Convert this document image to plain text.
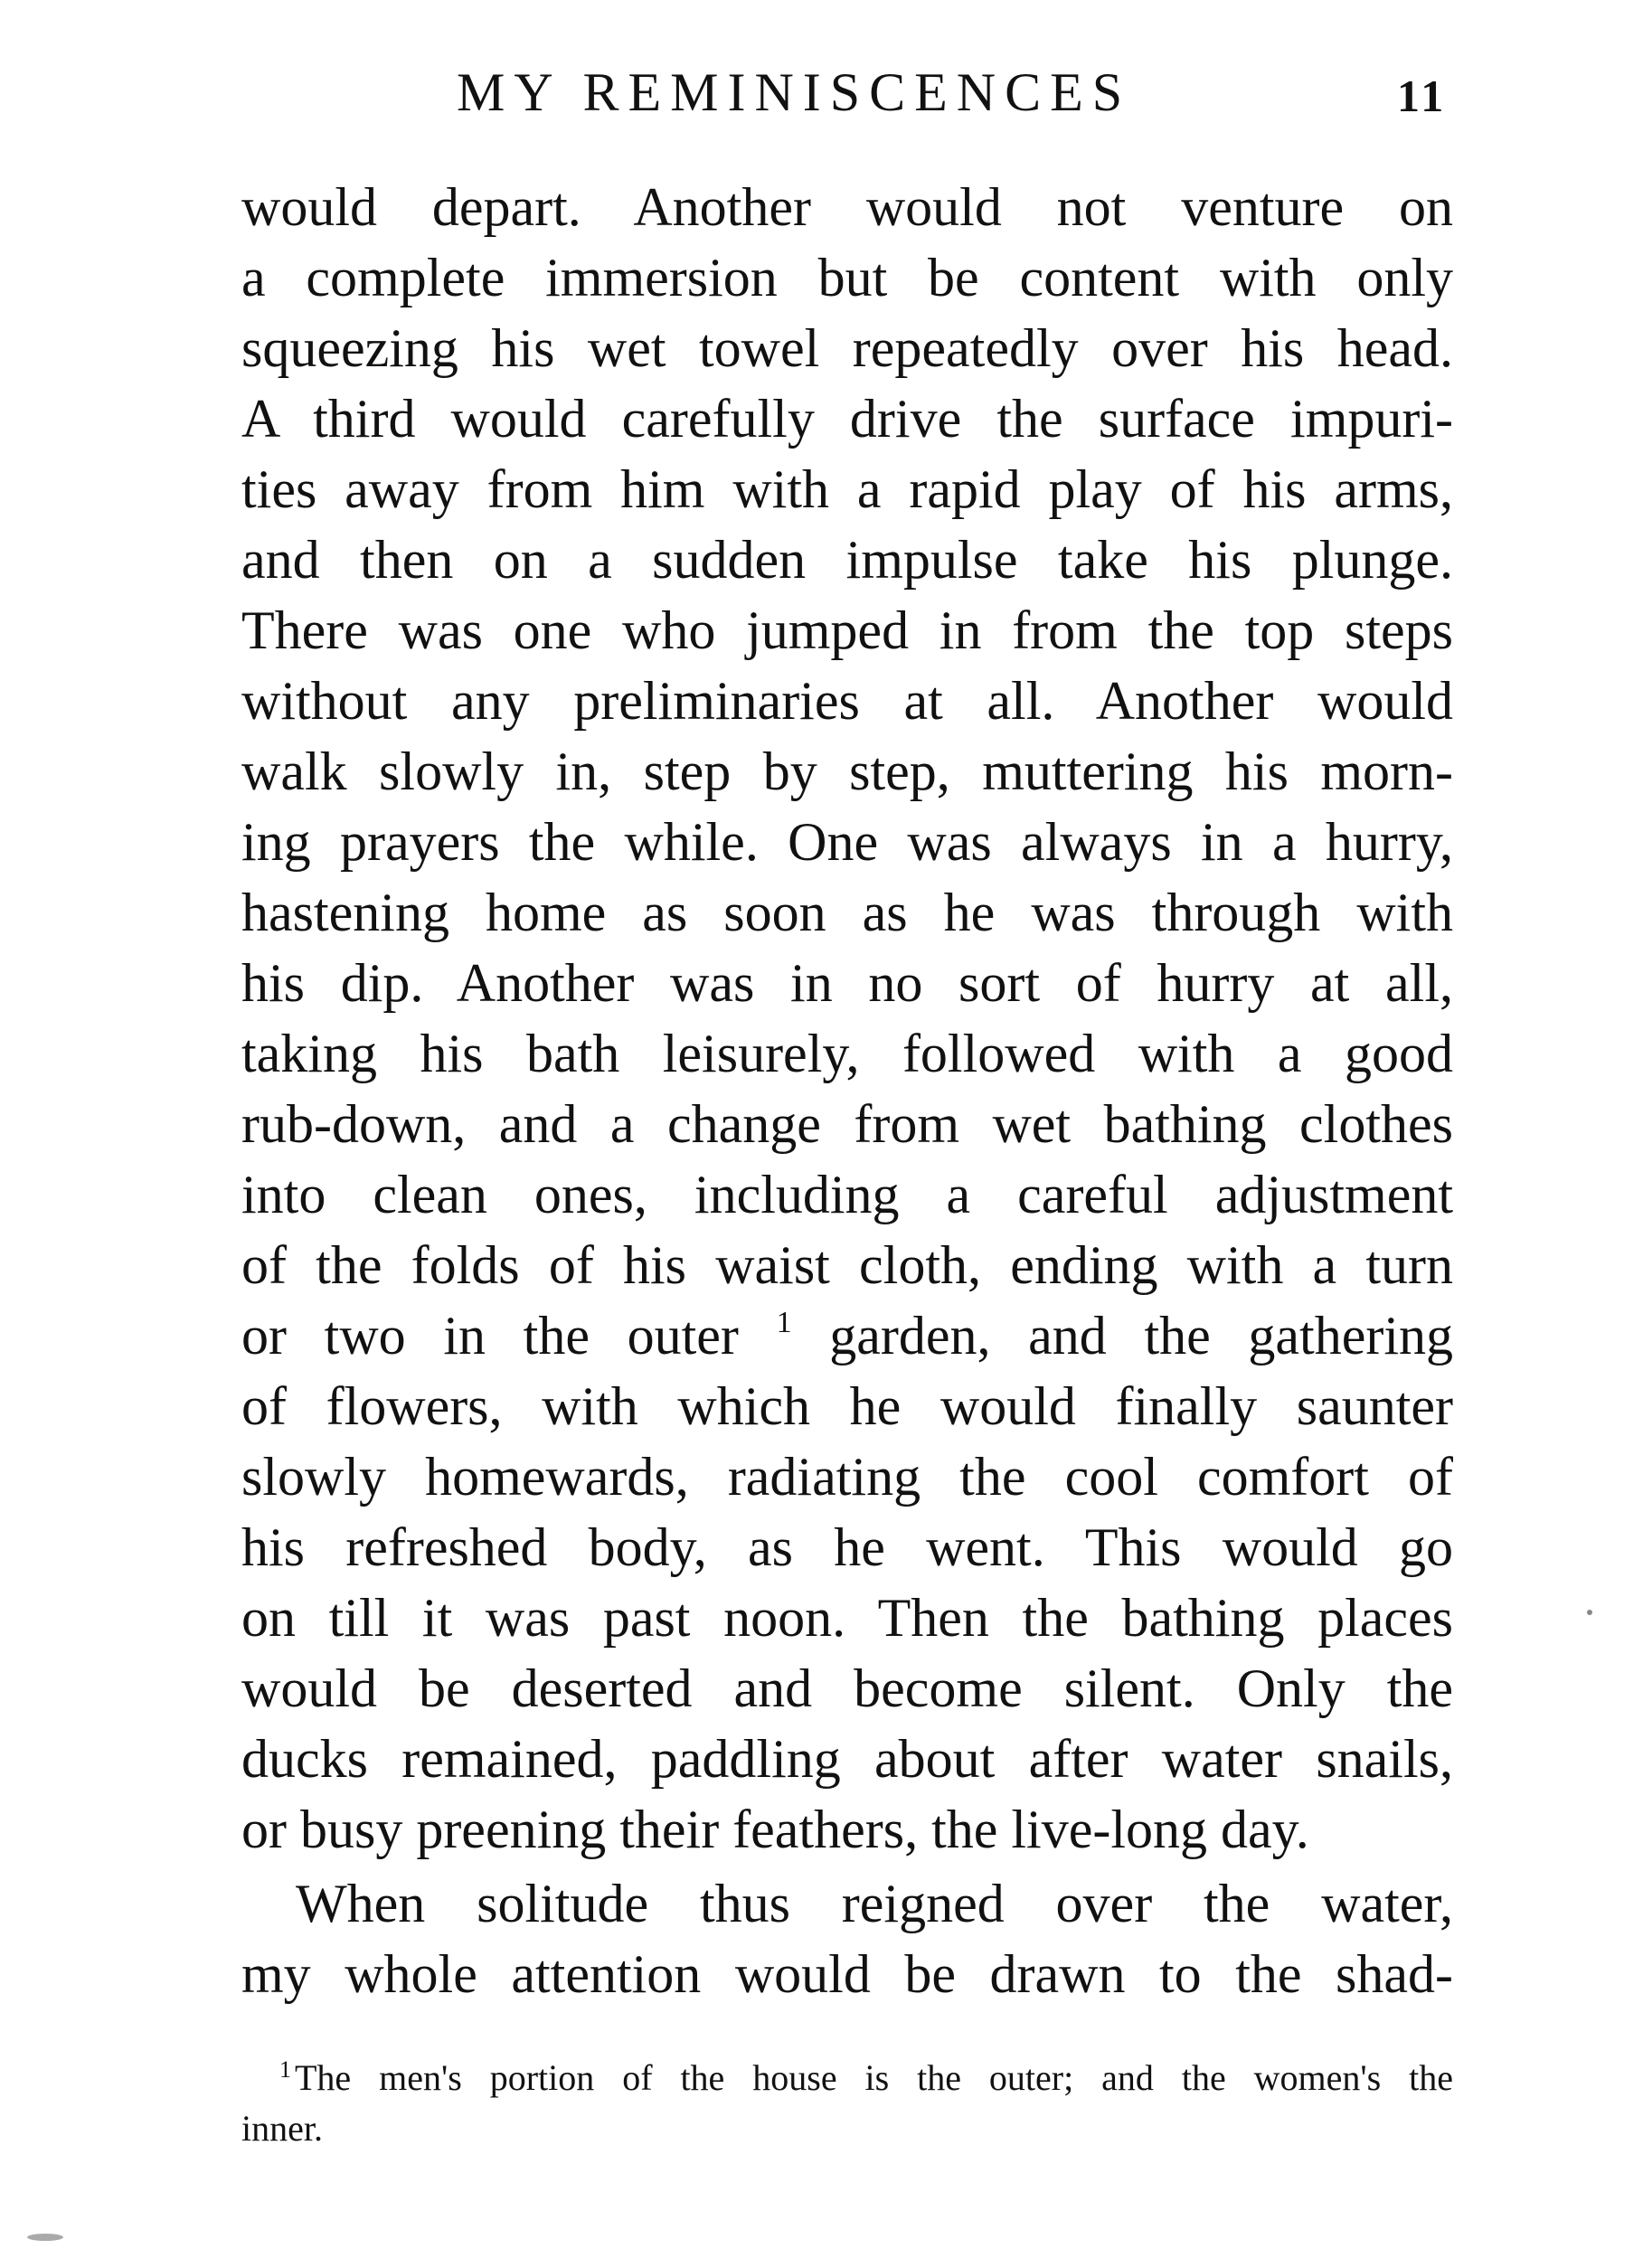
MY REMINISCENCES	11
would depart. Another would not venture on
a complete immersion but be content with only
squeezing his wet towel repeatedly over his head.
A third would carefully drive the surface impuri-
ties away from him with a rapid play of his arms,
and then on a sudden impulse take his plunge.
There was one who jumped in from the top steps
without any preliminaries at all. Another would
walk slowly in, step by step, muttering his morn-
ing prayers the while. One was always in a hurry,
hastening home as soon as he was through with
his dip. Another was in no sort of hurry at all,
taking his bath leisurely, followed with a good
rub-down, and a change from wet bathing clothes
into clean ones, including a careful adjustment
of the folds of his waist cloth, ending with a turn
or two in the outer $^1$ garden, and the gathering
of flowers, with which he would finally saunter
slowly homewards, radiating the cool comfort of
his refreshed body, as he went. This would go
on till it was past noon. Then the bathing places
would be deserted and become silent. Only the
ducks remained, paddling about after water snails,
or busy preening their feathers, the live-long day.
When solitude thus reigned over the water,
my whole attention would be drawn to the shad-
$^1$ The men's portion of the house is the outer; and the women's the
inner.
